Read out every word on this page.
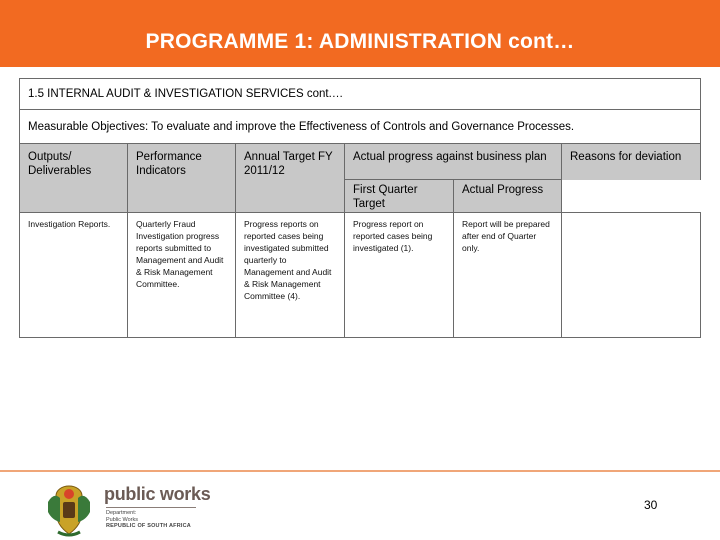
PROGRAMME 1: ADMINISTRATION cont…
1.5 INTERNAL AUDIT & INVESTIGATION SERVICES cont.…					
Measurable Objectives: To evaluate and improve the Effectiveness of Controls and Governance Processes.					
Outputs/ Deliverables	Performance Indicators	Annual Target FY 2011/12	Actual progress against business plan		Reasons for deviation
			First Quarter Target	Actual Progress	
Investigation Reports.	Quarterly Fraud Investigation progress reports submitted to Management and Audit & Risk Management Committee.	Progress reports on reported cases being investigated submitted quarterly to Management and Audit & Risk Management Committee (4).	Progress report on reported cases being investigated (1).	Report will be prepared after end of Quarter only.	
public works
Department:
Public Works
REPUBLIC OF SOUTH AFRICA
30
